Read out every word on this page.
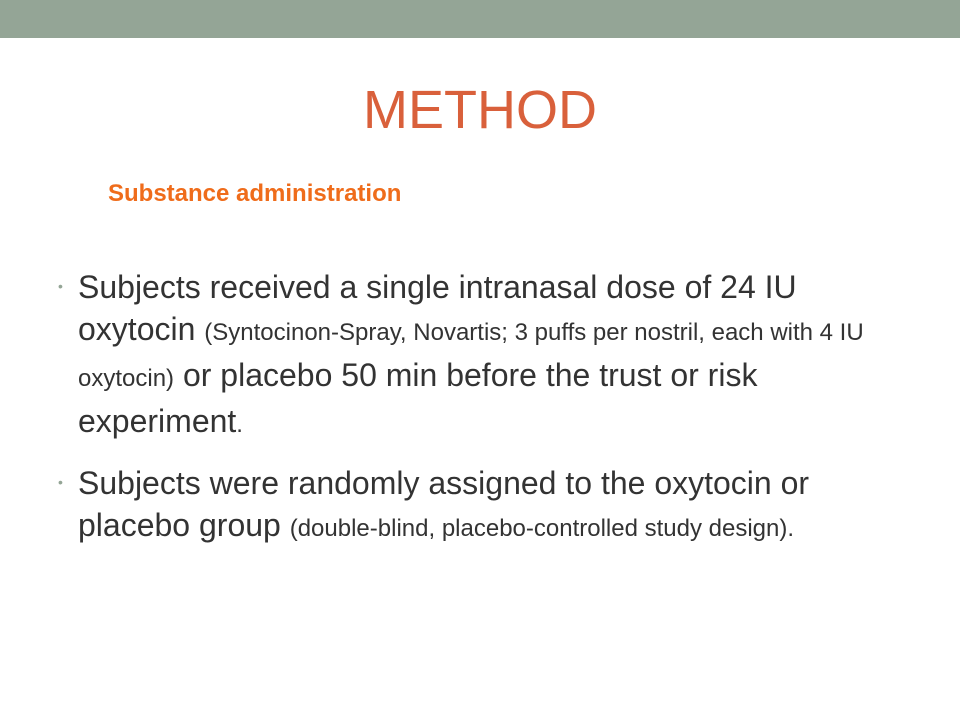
METHOD
Substance administration
• Subjects received a single intranasal dose of 24 IU oxytocin (Syntocinon-Spray, Novartis; 3 puffs per nostril, each with 4 IU oxytocin) or placebo 50 min before the trust or risk experiment.
• Subjects were randomly assigned to the oxytocin or placebo group (double-blind, placebo-controlled study design).
